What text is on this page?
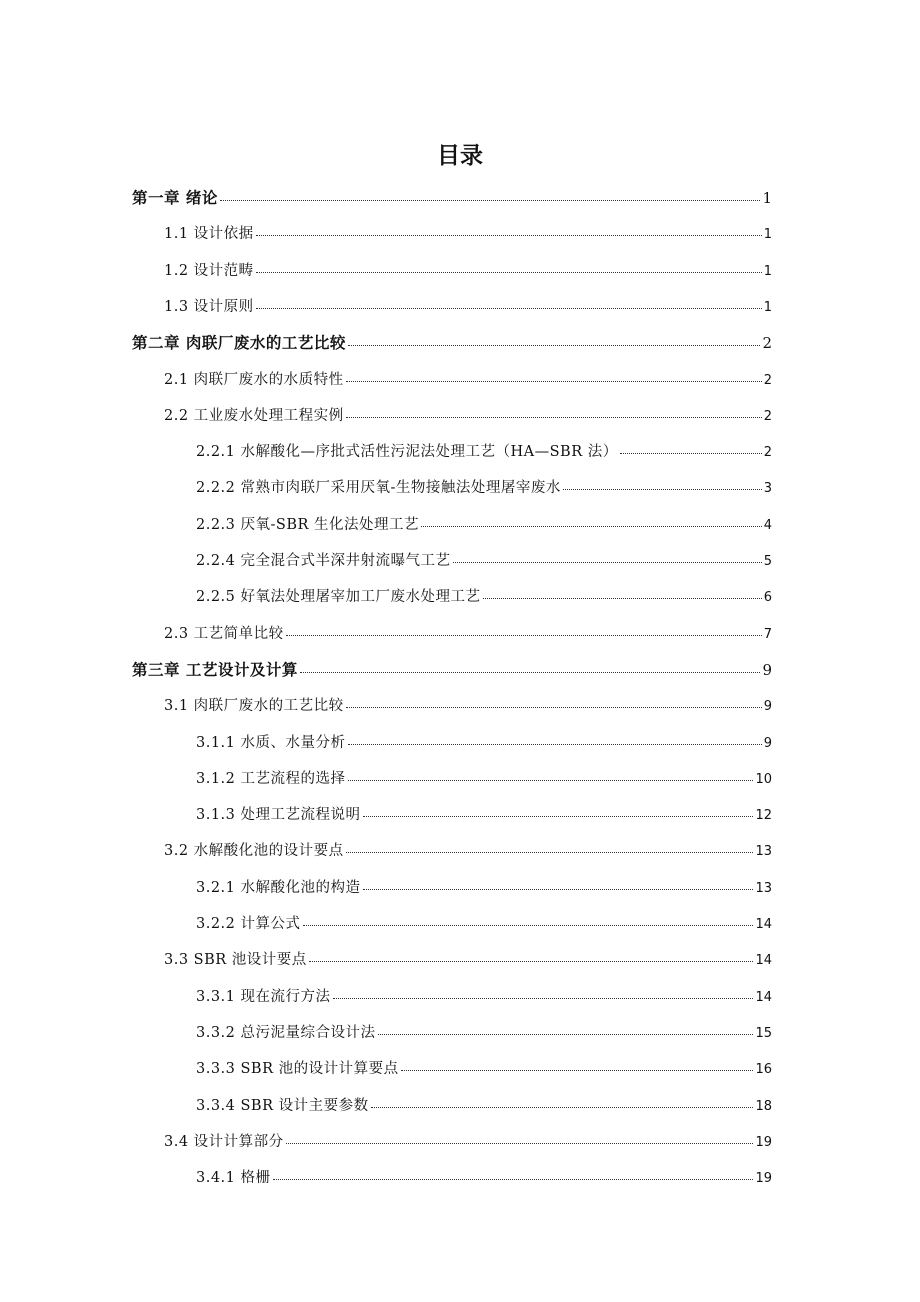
目录
第一章 绪论	1
1.1 设计依据	1
1.2 设计范畴	1
1.3 设计原则	1
第二章 肉联厂废水的工艺比较	2
2.1 肉联厂废水的水质特性	2
2.2 工业废水处理工程实例	2
2.2.1 水解酸化—序批式活性污泥法处理工艺（HA—SBR 法）	2
2.2.2 常熟市肉联厂采用厌氧-生物接触法处理屠宰废水	3
2.2.3 厌氧-SBR 生化法处理工艺	4
2.2.4 完全混合式半深井射流曝气工艺	5
2.2.5 好氧法处理屠宰加工厂废水处理工艺	6
2.3 工艺简单比较	7
第三章 工艺设计及计算	9
3.1 肉联厂废水的工艺比较	9
3.1.1 水质、水量分析	9
3.1.2 工艺流程的选择	10
3.1.3 处理工艺流程说明	12
3.2 水解酸化池的设计要点	13
3.2.1 水解酸化池的构造	13
3.2.2 计算公式	14
3.3 SBR 池设计要点	14
3.3.1 现在流行方法	14
3.3.2 总污泥量综合设计法	15
3.3.3 SBR 池的设计计算要点	16
3.3.4 SBR 设计主要参数	18
3.4 设计计算部分	19
3.4.1 格栅	19
